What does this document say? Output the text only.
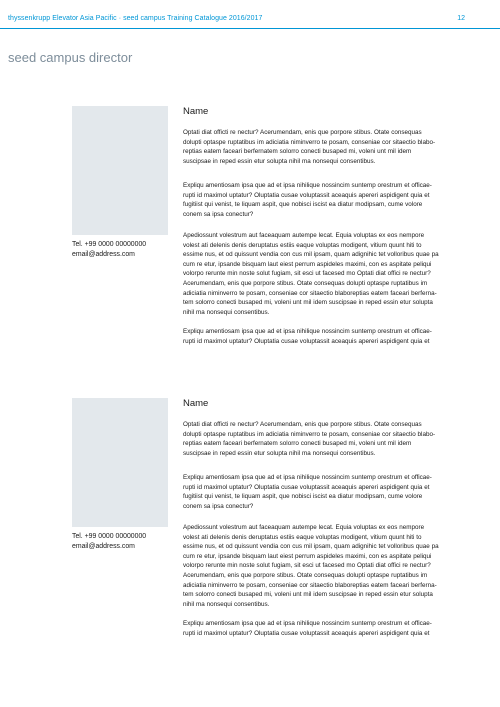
thyssenkrupp Elevator Asia Pacific · seed campus Training Catalogue 2016/2017	12
seed campus director
Tel. +99 0000 00000000
email@address.com
Name

Optati diat officti re nectur? Acerumendam, enis que porpore stibus. Otate consequas
dolupti optaspe ruptatibus im adiciatia niminverro te posam, conseniae cor sitaectio blabo-
reptias eatem faceari berfernatem solorro conecti busaped mi, voleni unt mil idem
suscipsae in reped essin etur solupta nihil ma nonsequi consentibus.

Expliqu amentiosam ipsa que ad et ipsa nihilique nossincim suntemp orestrum et officae-
rupti id maximol uptatur? Oluptatia cusae voluptassit aceaquis apereri aspidigent quia et
fugitiist qui venist, te liquam aspit, que nobisci iscist ea diatur modipsam, cume volore
conem sa ipsa conectur?

Apediossunt volestrum aut faceaquam autempe lecat. Equia voluptas ex eos nempore
volest ati delenis denis deruptatus estiis eaque voluptas modigent, vitium quunt hiti to
essime nus, et od quissunt vendia con cus mil ipsam, quam adignihic tet volloribus quae pa
cum re etur, ipsande bisquam laut eiest perrum aspideles maximi, con es aspitate peliqui
volorpo rerunte min noste solut fugiam, sit esci ut facesed mo Optati diat offici re nectur?
Acerumendam, enis que porpore stibus. Otate consequas dolupti optaspe ruptatibus im
adiciatia niminverro te posam, conseniae cor sitaectio blaboreptias eatem faceari berferna-
tem solorro conecti busaped mi, voleni unt mil idem suscipsae in reped essin etur solupta
nihil ma nonsequi consentibus.

Expliqu amentiosam ipsa que ad et ipsa nihilique nossincim suntemp orestrum et officae-
rupti id maximol uptatur? Oluptatia cusae voluptassit aceaquis apereri aspidigent quia et

Tel. +99 0000 00000000
email@address.com
Name

Optati diat officti re nectur? Acerumendam, enis que porpore stibus. Otate consequas
dolupti optaspe ruptatibus im adiciatia niminverro te posam, conseniae cor sitaectio blabo-
reptias eatem faceari berfernatem solorro conecti busaped mi, voleni unt mil idem
suscipsae in reped essin etur solupta nihil ma nonsequi consentibus.

Expliqu amentiosam ipsa que ad et ipsa nihilique nossincim suntemp orestrum et officae-
rupti id maximol uptatur? Oluptatia cusae voluptassit aceaquis apereri aspidigent quia et
fugitiist qui venist, te liquam aspit, que nobisci iscist ea diatur modipsam, cume volore
conem sa ipsa conectur?

Apediossunt volestrum aut faceaquam autempe lecat. Equia voluptas ex eos nempore
volest ati delenis denis deruptatus estiis eaque voluptas modigent, vitium quunt hiti to
essime nus, et od quissunt vendia con cus mil ipsam, quam adignihic tet volloribus quae pa
cum re etur, ipsande bisquam laut eiest perrum aspideles maximi, con es aspitate peliqui
volorpo rerunte min noste solut fugiam, sit esci ut facesed mo Optati diat offici re nectur?
Acerumendam, enis que porpore stibus. Otate consequas dolupti optaspe ruptatibus im
adiciatia niminverro te posam, conseniae cor sitaectio blaboreptias eatem faceari berferna-
tem solorro conecti busaped mi, voleni unt mil idem suscipsae in reped essin etur solupta
nihil ma nonsequi consentibus.

Expliqu amentiosam ipsa que ad et ipsa nihilique nossincim suntemp orestrum et officae-
rupti id maximol uptatur? Oluptatia cusae voluptassit aceaquis apereri aspidigent quia et
